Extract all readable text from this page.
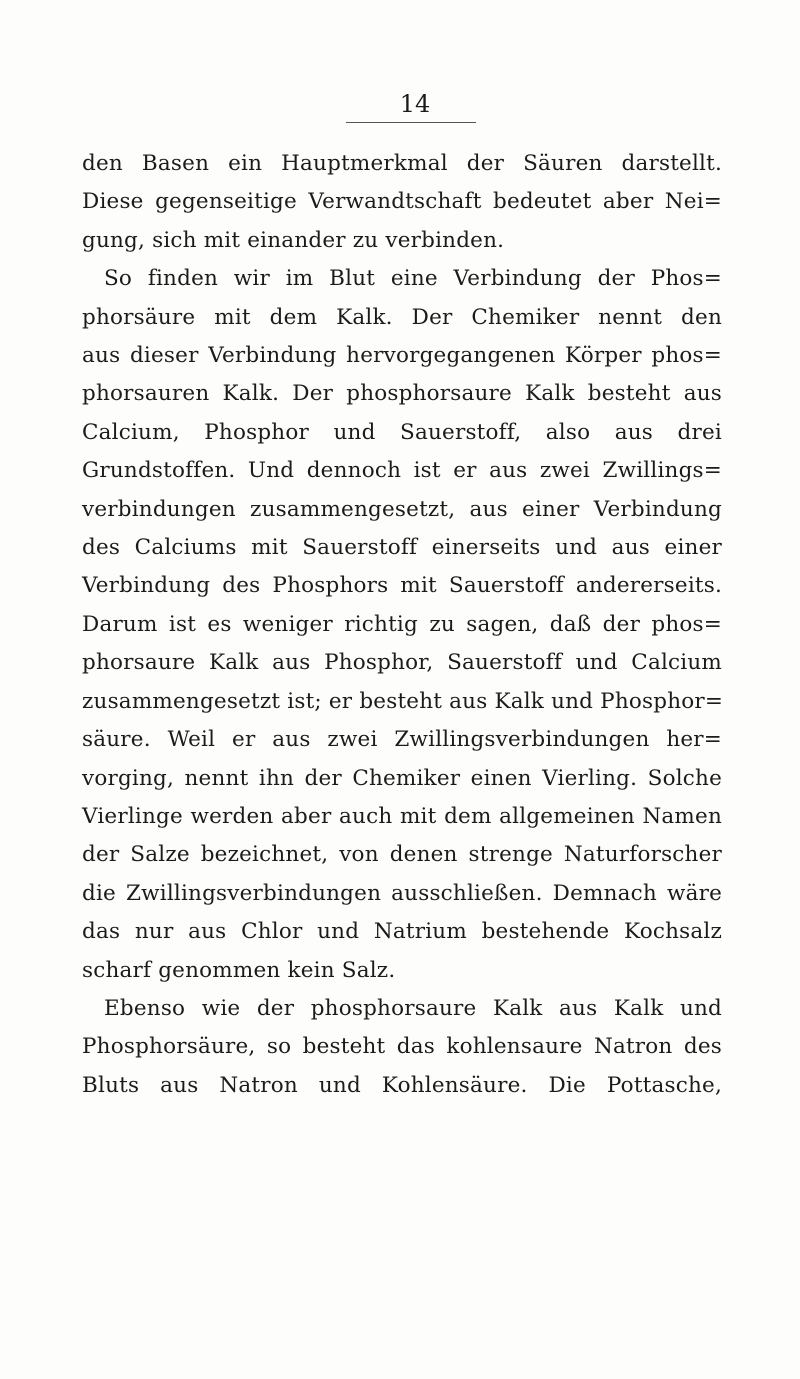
14
den Basen ein Hauptmerkmal der Säuren darstellt.
Diese gegenseitige Verwandtschaft bedeutet aber Nei=
gung, sich mit einander zu verbinden.
So finden wir im Blut eine Verbindung der Phos=
phorsäure mit dem Kalk. Der Chemiker nennt den
aus dieser Verbindung hervorgegangenen Körper phos=
phorsauren Kalk. Der phosphorsaure Kalk besteht aus
Calcium, Phosphor und Sauerstoff, also aus drei
Grundstoffen. Und dennoch ist er aus zwei Zwillings=
verbindungen zusammengesetzt, aus einer Verbindung
des Calciums mit Sauerstoff einerseits und aus einer
Verbindung des Phosphors mit Sauerstoff andererseits.
Darum ist es weniger richtig zu sagen, daß der phos=
phorsaure Kalk aus Phosphor, Sauerstoff und Calcium
zusammengesetzt ist; er besteht aus Kalk und Phosphor=
säure. Weil er aus zwei Zwillingsverbindungen her=
vorging, nennt ihn der Chemiker einen Vierling. Solche
Vierlinge werden aber auch mit dem allgemeinen Namen
der Salze bezeichnet, von denen strenge Naturforscher
die Zwillingsverbindungen ausschließen. Demnach wäre
das nur aus Chlor und Natrium bestehende Kochsalz
scharf genommen kein Salz.
Ebenso wie der phosphorsaure Kalk aus Kalk und
Phosphorsäure, so besteht das kohlensaure Natron des
Bluts aus Natron und Kohlensäure. Die Pottasche,
